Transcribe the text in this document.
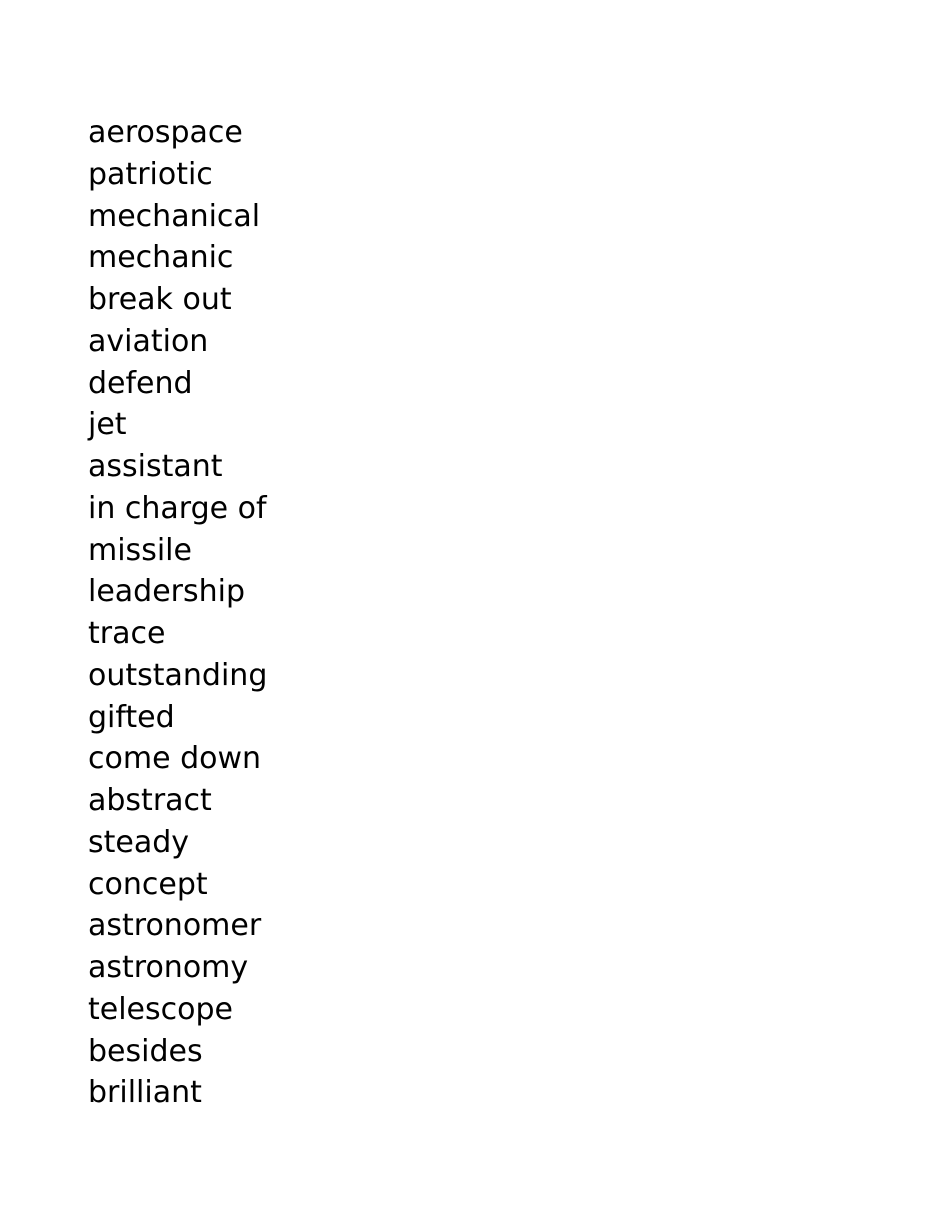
aerospace
patriotic
mechanical
mechanic
break out
aviation
defend
jet
assistant
in charge of
missile
leadership
trace
outstanding
gifted
come down
abstract
steady
concept
astronomer
astronomy
telescope
besides
brilliant
